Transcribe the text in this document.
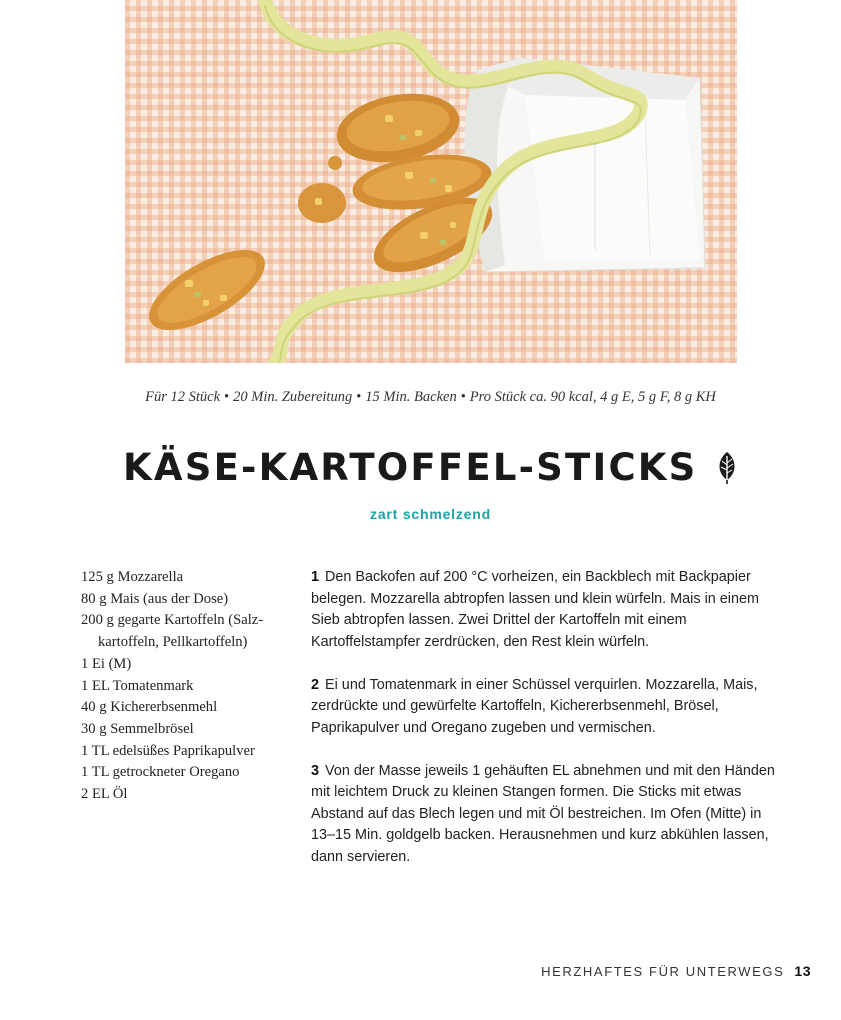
Für 12 Stück • 20 Min. Zubereitung • 15 Min. Backen • Pro Stück ca. 90 kcal, 4 g E, 5 g F, 8 g KH
KÄSE-KARTOFFEL-STICKS
zart schmelzend
125 g Mozzarella
80 g Mais (aus der Dose)
200 g gegarte Kartoffeln (Salzkartoffeln, Pellkartoffeln)
1 Ei (M)
1 EL Tomatenmark
40 g Kichererbsenmehl
30 g Semmelbrösel
1 TL edelsüßes Paprikapulver
1 TL getrockneter Oregano
2 EL Öl

1 Den Backofen auf 200 °C vorheizen, ein Backblech mit Backpapier belegen. Mozzarella abtropfen lassen und klein würfeln. Mais in einem Sieb abtropfen lassen. Zwei Drittel der Kartoffeln mit einem Kartoffelstampfer zerdrücken, den Rest klein würfeln.

2 Ei und Tomatenmark in einer Schüssel verquirlen. Mozzarella, Mais, zerdrückte und gewürfelte Kartoffeln, Kichererbsenmehl, Brösel, Paprikapulver und Oregano zugeben und vermischen.

3 Von der Masse jeweils 1 gehäuften EL abnehmen und mit den Händen mit leichtem Druck zu kleinen Stangen formen. Die Sticks mit etwas Abstand auf das Blech legen und mit Öl bestreichen. Im Ofen (Mitte) in 13–15 Min. goldgelb backen. Herausnehmen und kurz abkühlen lassen, dann servieren.

HERZHAFTES FÜR UNTERWEGS 13
